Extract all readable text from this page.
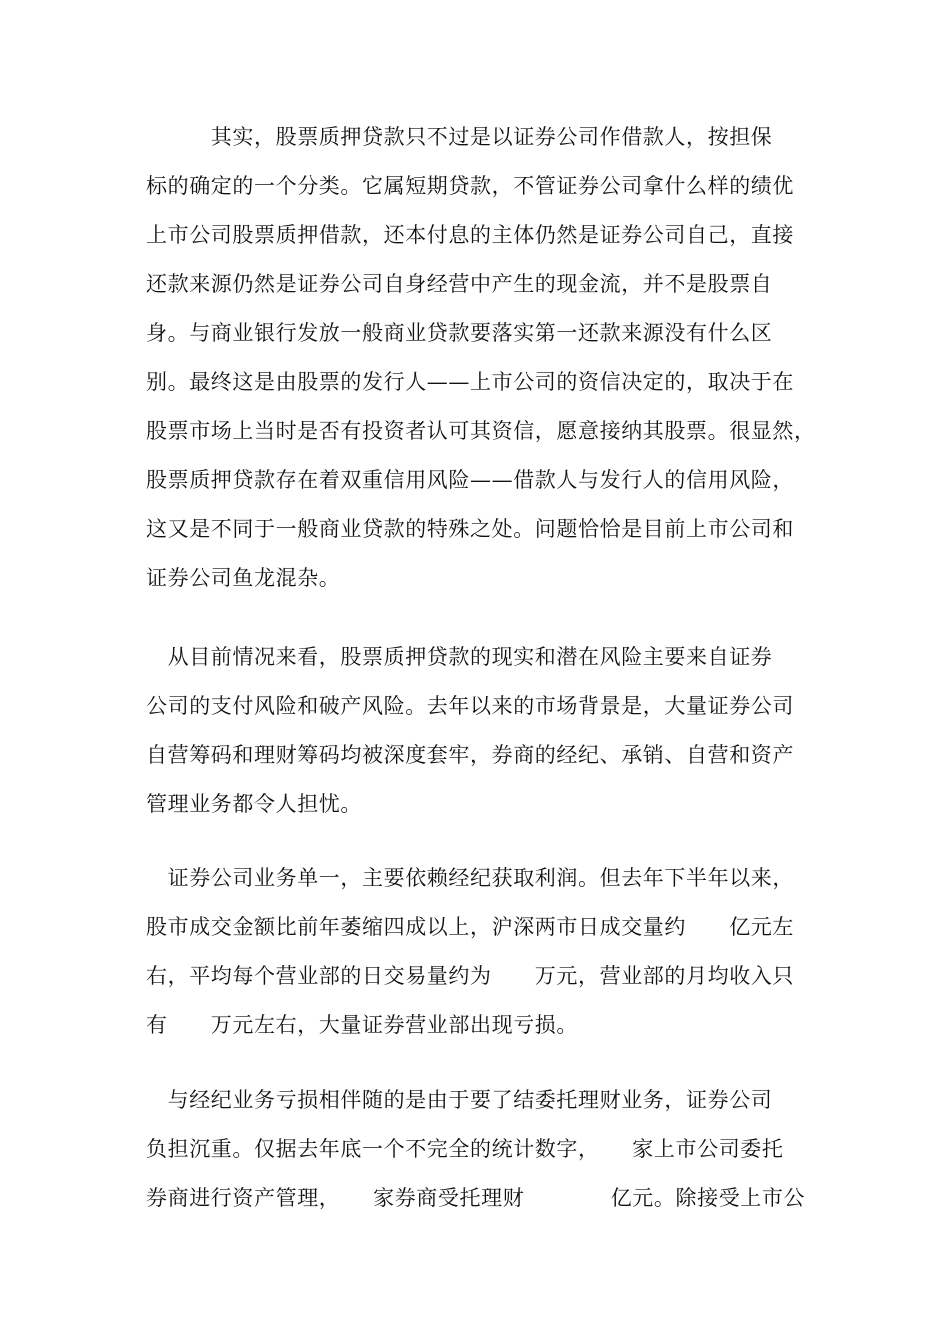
　　　其实，股票质押贷款只不过是以证券公司作借款人，按担保
标的确定的一个分类。它属短期贷款，不管证券公司拿什么样的绩优
上市公司股票质押借款，还本付息的主体仍然是证券公司自己，直接
还款来源仍然是证券公司自身经营中产生的现金流，并不是股票自
身。与商业银行发放一般商业贷款要落实第一还款来源没有什么区
别。最终这是由股票的发行人——上市公司的资信决定的，取决于在
股票市场上当时是否有投资者认可其资信，愿意接纳其股票。很显然，
股票质押贷款存在着双重信用风险——借款人与发行人的信用风险，
这又是不同于一般商业贷款的特殊之处。问题恰恰是目前上市公司和
证券公司鱼龙混杂。
　从目前情况来看，股票质押贷款的现实和潜在风险主要来自证券
公司的支付风险和破产风险。去年以来的市场背景是，大量证券公司
自营筹码和理财筹码均被深度套牢，券商的经纪、承销、自营和资产
管理业务都令人担忧。
　证券公司业务单一，主要依赖经纪获取利润。但去年下半年以来，
股市成交金额比前年萎缩四成以上，沪深两市日成交量约　　亿元左
右，平均每个营业部的日交易量约为　　万元，营业部的月均收入只
有　　万元左右，大量证券营业部出现亏损。
　与经纪业务亏损相伴随的是由于要了结委托理财业务，证券公司
负担沉重。仅据去年底一个不完全的统计数字，　　家上市公司委托
券商进行资产管理，　　家券商受托理财　　　　亿元。除接受上市公
